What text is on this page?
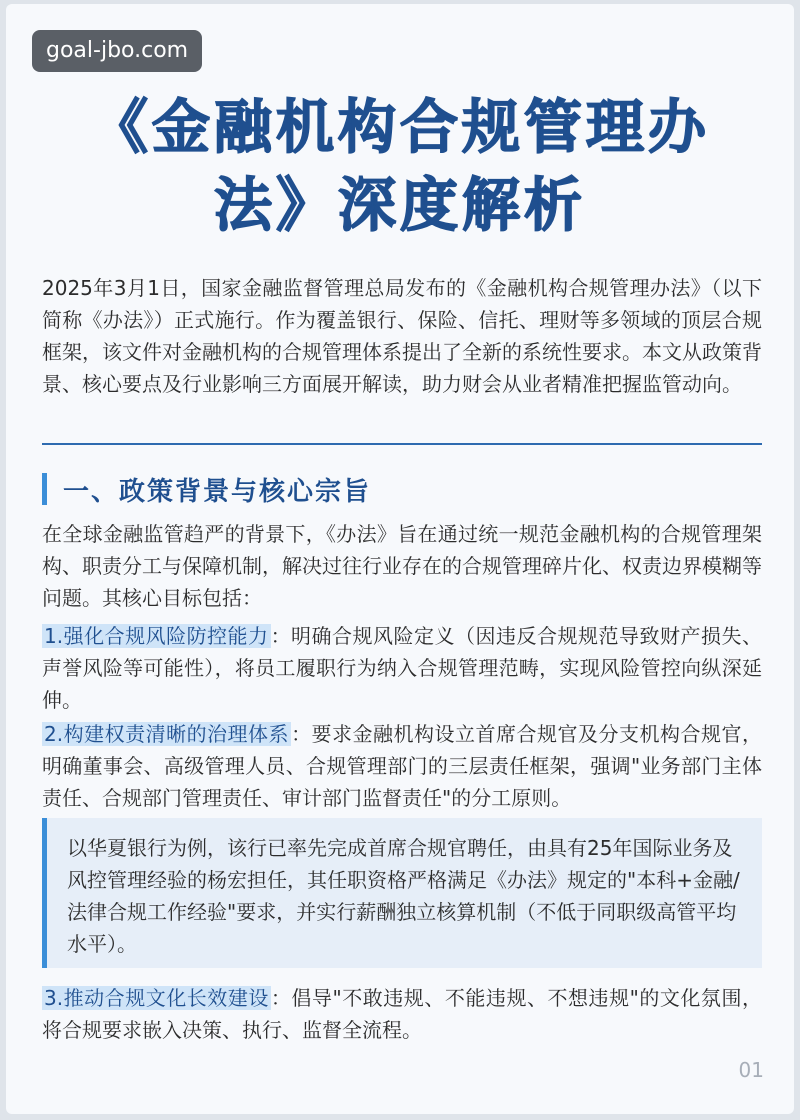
goal-jbo.com
《金融机构合规管理办
法》深度解析

2025年3月1日，国家金融监督管理总局发布的《金融机构合规管理办法》（以下简称《办法》）正式施行。作为覆盖银行、保险、信托、理财等多领域的顶层合规框架，该文件对金融机构的合规管理体系提出了全新的系统性要求。本文从政策背景、核心要点及行业影响三方面展开解读，助力财会从业者精准把握监管动向。

一、政策背景与核心宗旨

在全球金融监管趋严的背景下，《办法》旨在通过统一规范金融机构的合规管理架构、职责分工与保障机制，解决过往行业存在的合规管理碎片化、权责边界模糊等问题。其核心目标包括：

1.强化合规风险防控能力 ：明确合规风险定义（因违反合规规范导致财产损失、声誉风险等可能性），将员工履职行为纳入合规管理范畴，实现风险管控向纵深延伸。

2.构建权责清晰的治理体系 ：要求金融机构设立首席合规官及分支机构合规官，明确董事会、高级管理人员、合规管理部门的三层责任框架，强调"业务部门主体责任、合规部门管理责任、审计部门监督责任"的分工原则。

以华夏银行为例，该行已率先完成首席合规官聘任，由具有25年国际业务及风控管理经验的杨宏担任，其任职资格严格满足《办法》规定的"本科+金融/法律合规工作经验"要求，并实行薪酬独立核算机制（不低于同职级高管平均水平）。

3.推动合规文化长效建设 ：倡导"不敢违规、不能违规、不想违规"的文化氛围，将合规要求嵌入决策、执行、监督全流程。

01
